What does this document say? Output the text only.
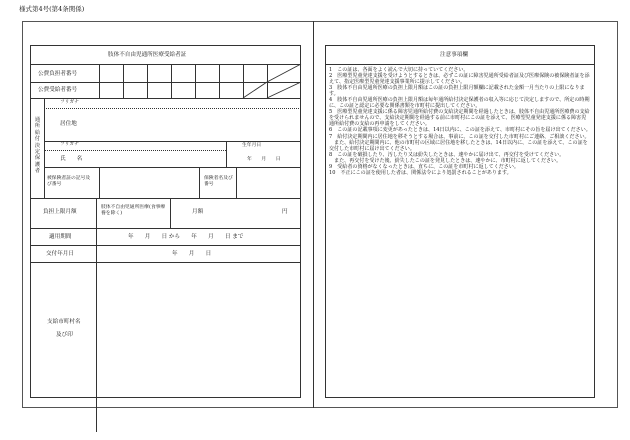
様式第4号(第4条関係)
肢体不自由児通所医療受給者証
公費負担者番号
公費受給者番号
通所給付決定保護者
フリガナ
居住地
フリガナ
氏　　名
生年月日
年　　月　　日
被保険者証の記号及び番号
保険者名及び番号
負担上限月額
肢体不自由児通所医療(食事療養を除く)	月額	円
適用期間	年　　月　　日 から　　年　　月　　日 まで
交付年月日	年　　月　　日
支給市町村名
及び印
注意事項欄
1　この証は、各面をよく読んで大切に持っていてください。
2　医療型児童発達支援を受けようとするときは、必ずこの証に障害児通所受給者証及び医療保険の被保険者証を添えて、指定医療型児童発達支援事業所に提示してください。
3　肢体不自由児通所医療の負担上限月額はこの証の負担上限月額欄に記載された金額一月当たりの上限になります。
4　肢体不自由児通所医療の負担上限月額は毎年通所給付決定保護者の収入等に応じて決定しますので、所定の時期に、この証と認定に必要な関係書類を市町村に提出してください。
5　医療型児童発達支援に係る障害児通所給付費の支給決定期間を経過したときは、肢体不自由児通所医療費の支給を受けられませんので、支給決定期間を経過する前に市町村にこの証を添えて、医療型児童発達支援に係る障害児通所給付費の支給の再申請をしてください。
6　この証の記載事項に変更があったときは、14日以内に、この証を添えて、市町村にその旨を届け出てください。
7　給付決定期間内に居住地を移そうとする場合は、事前に、この証を交付した市町村にご連絡、ご相談ください。
　また、給付決定期間内に、他の市町村の区域に居住地を移したときは、14日以内に、この証を添えて、この証を交付した市町村に届け出てください。
8　この証を破損したり、汚したり又は紛失したときは、速やかに届け出て、再交付を受けてください。
　また、再交付を受けた後、紛失したこの証を発見したときは、速やかに、市町村に返してください。
9　受給者の資格がなくなったときは、直ちに、この証を市町村に返してください。
10　不正にこの証を使用した者は、関係法令により処罰されることがあります。
